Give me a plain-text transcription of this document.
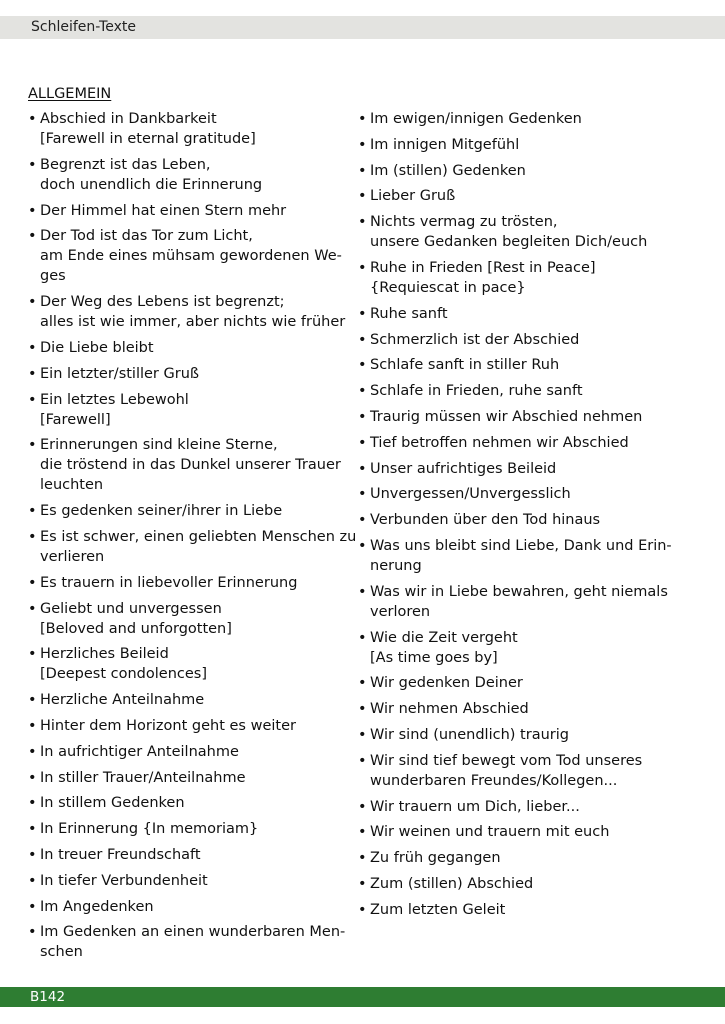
Schleifen-Texte
ALLGEMEIN
• Abschied in Dankbarkeit
[Farewell in eternal gratitude]
• Begrenzt ist das Leben,
doch unendlich die Erinnerung
• Der Himmel hat einen Stern mehr
• Der Tod ist das Tor zum Licht,
am Ende eines mühsam gewordenen We-
ges
• Der Weg des Lebens ist begrenzt;
alles ist wie immer, aber nichts wie früher
• Die Liebe bleibt
• Ein letzter/stiller Gruß
• Ein letztes Lebewohl
[Farewell]
• Erinnerungen sind kleine Sterne,
die tröstend in das Dunkel unserer Trauer
leuchten
• Es gedenken seiner/ihrer in Liebe
• Es ist schwer, einen geliebten Menschen zu
verlieren
• Es trauern in liebevoller Erinnerung
• Geliebt und unvergessen
[Beloved and unforgotten]
• Herzliches Beileid
[Deepest condolences]
• Herzliche Anteilnahme
• Hinter dem Horizont geht es weiter
• In aufrichtiger Anteilnahme
• In stiller Trauer/Anteilnahme
• In stillem Gedenken
• In Erinnerung {In memoriam}
• In treuer Freundschaft
• In tiefer Verbundenheit
• Im Angedenken
• Im Gedenken an einen wunderbaren Men-
schen
• Im ewigen/innigen Gedenken
• Im innigen Mitgefühl
• Im (stillen) Gedenken
• Lieber Gruß
• Nichts vermag zu trösten,
unsere Gedanken begleiten Dich/euch
• Ruhe in Frieden [Rest in Peace]
{Requiescat in pace}
• Ruhe sanft
• Schmerzlich ist der Abschied
• Schlafe sanft in stiller Ruh
• Schlafe in Frieden, ruhe sanft
• Traurig müssen wir Abschied nehmen
• Tief betroffen nehmen wir Abschied
• Unser aufrichtiges Beileid
• Unvergessen/Unvergesslich
• Verbunden über den Tod hinaus
• Was uns bleibt sind Liebe, Dank und Erin-
nerung
• Was wir in Liebe bewahren, geht niemals
verloren
• Wie die Zeit vergeht
[As time goes by]
• Wir gedenken Deiner
• Wir nehmen Abschied
• Wir sind (unendlich) traurig
• Wir sind tief bewegt vom Tod unseres
wunderbaren Freundes/Kollegen...
• Wir trauern um Dich, lieber...
• Wir weinen und trauern mit euch
• Zu früh gegangen
• Zum (stillen) Abschied
• Zum letzten Geleit
B142
